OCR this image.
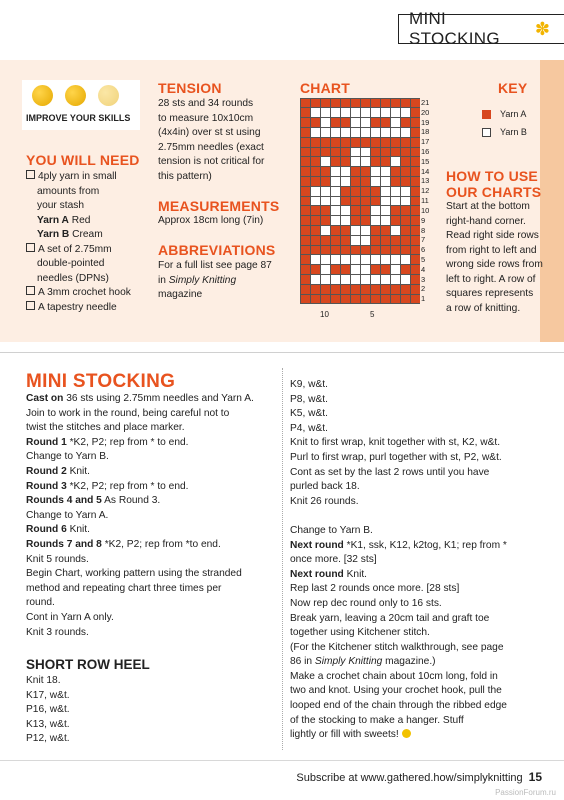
MINI STOCKING	✽
IMPROVE YOUR SKILLS
YOU WILL NEED
4ply yarn in small
amounts from
your stash
Yarn A Red
Yarn B Cream
A set of 2.75mm
double-pointed
needles (DPNs)
A 3mm crochet hook
A tapestry needle
TENSION
28 sts and 34 rounds
to measure 10x10cm
(4x4in) over st st using
2.75mm needles (exact
tension is not critical for
this pattern)
MEASUREMENTS
Approx 18cm long (7in)
ABBREVIATIONS
For a full list see page 87
in Simply Knitting
magazine
CHART
21
20
19
18
17
16
15
14
13
12
11
10
9
8
7
6
5
4
3
2
1
10	5
KEY
Yarn A
Yarn B
HOW TO USE
OUR CHARTS
Start at the bottom
right-hand corner.
Read right side rows
from right to left and
wrong side rows from
left to right. A row of
squares represents
a row of knitting.
MINI STOCKING

Cast on 36 sts using 2.75mm needles and Yarn A.

Join to work in the round, being careful not to

twist the stitches and place marker.

Round 1 *K2, P2; rep from * to end.

Change to Yarn B.

Round 2 Knit.

Round 3 *K2, P2; rep from * to end.

Rounds 4 and 5 As Round 3.

Change to Yarn A.

Round 6 Knit.

Rounds 7 and 8 *K2, P2; rep from *to end.

Knit 5 rounds.

Begin Chart, working pattern using the stranded

method and repeating chart three times per

round.

Cont in Yarn A only.

Knit 3 rounds.

SHORT ROW HEEL

Knit 18.

K17, w&t.

P16, w&t.

K13, w&t.

P12, w&t.

K9, w&t.

P8, w&t.

K5, w&t.

P4, w&t.

Knit to first wrap, knit together with st, K2, w&t.

Purl to first wrap, purl together with st, P2, w&t.

Cont as set by the last 2 rows until you have

purled back 18.

Knit 26 rounds.

Change to Yarn B.

Next round *K1, ssk, K12, k2tog, K1; rep from *

once more. [32 sts]

Next round Knit.

Rep last 2 rounds once more. [28 sts]

Now rep dec round only to 16 sts.

Break yarn, leaving a 20cm tail and graft toe

together using Kitchener stitch.

(For the Kitchener stitch walkthrough, see page

86 in Simply Knitting magazine.)

Make a crochet chain about 10cm long, fold in

two and knot. Using your crochet hook, pull the

looped end of the chain through the ribbed edge

of the stocking to make a hanger. Stuff

lightly or fill with sweets!

Subscribe at www.gathered.how/simplyknitting 15
PassionForum.ru
